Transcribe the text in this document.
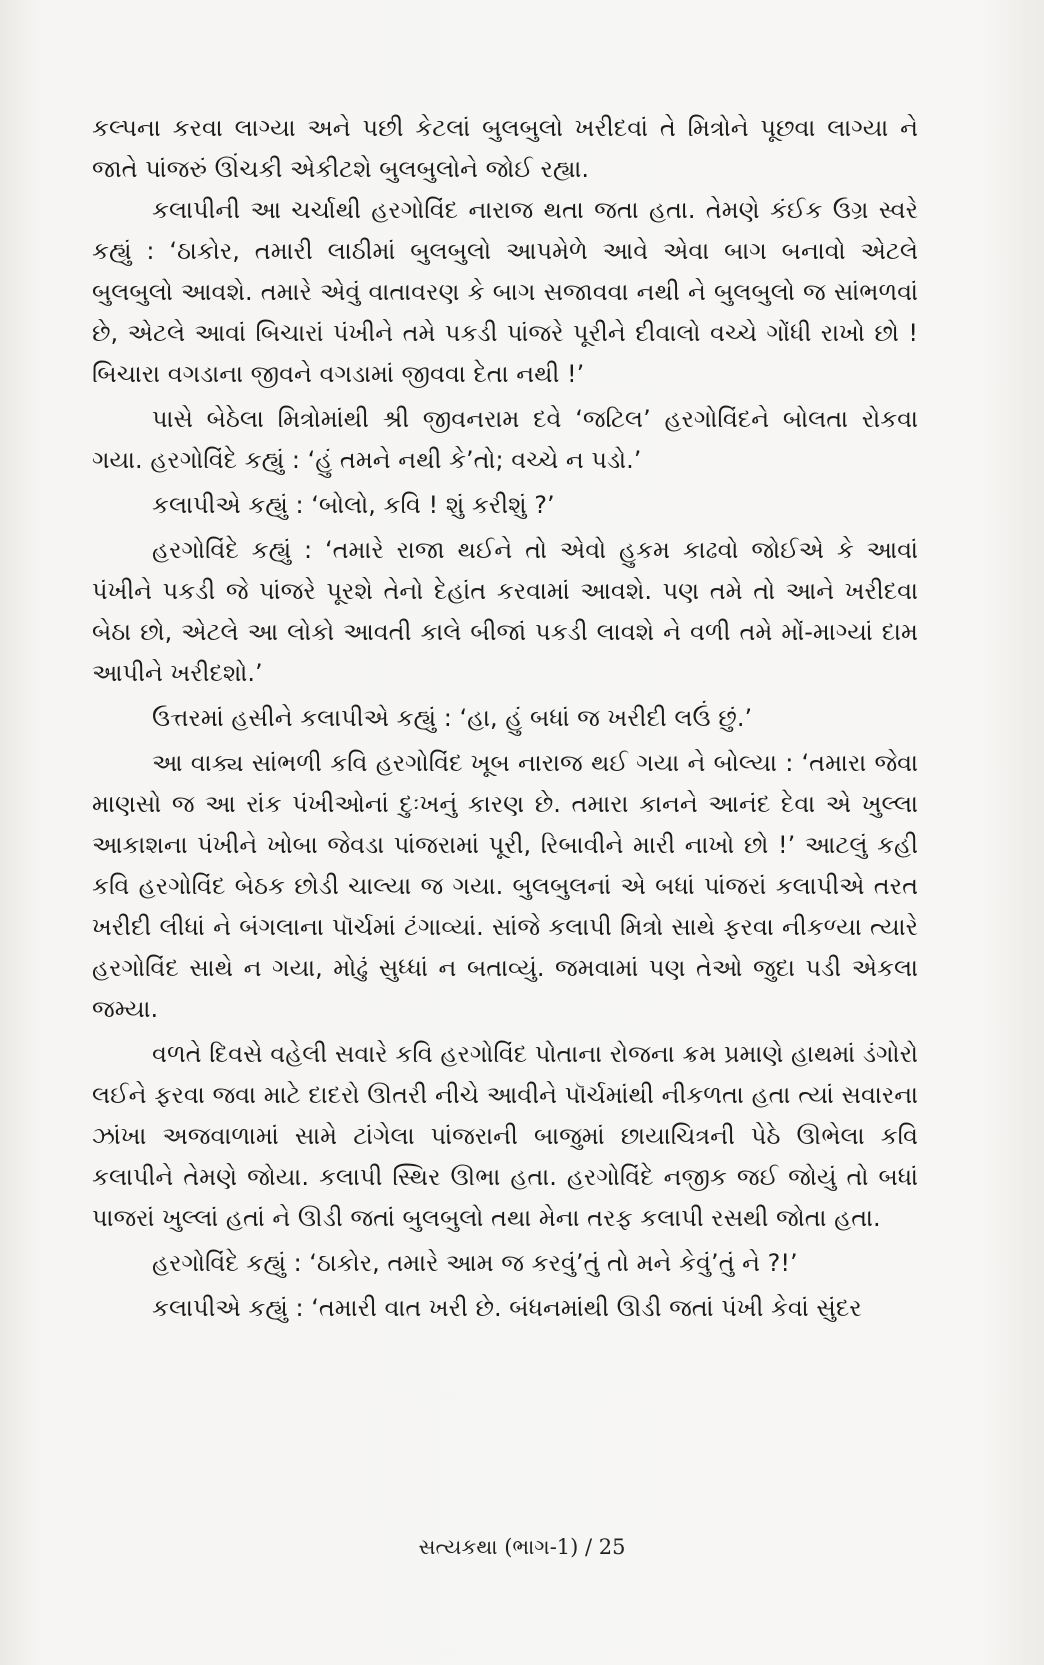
કલ્પના કરવા લાગ્યા અને પછી કેટલાં બુલબુલો ખરીદવાં તે મિત્રોને પૂછવા લાગ્યા ને જાતે પાંજરું ઊંચકી એકીટશે બુલબુલોને જોઈ રહ્યા.

કલાપીની આ ચર્ચાથી હરગોવિંદ નારાજ થતા જતા હતા. તેમણે કંઈક ઉગ્ર સ્વરે કહ્યું : ‘ઠાકોર, તમારી લાઠીમાં બુલબુલો આપમેળે આવે એવા બાગ બનાવો એટલે બુલબુલો આવશે. તમારે એવું વાતાવરણ કે બાગ સજાવવા નથી ને બુલબુલો જ સાંભળવાં છે, એટલે આવાં બિચારાં પંખીને તમે પકડી પાંજરે પૂરીને દીવાલો વચ્ચે ગોંધી રાખો છો ! બિચારા વગડાના જીવને વગડામાં જીવવા દેતા નથી !’

પાસે બેઠેલા મિત્રોમાંથી શ્રી જીવનરામ દવે ‘જટિલ’ હરગોવિંદને બોલતા રોકવા ગયા. હરગોવિંદે કહ્યું : ‘હું તમને નથી કે’તો; વચ્ચે ન પડો.’

કલાપીએ કહ્યું : ‘બોલો, કવિ ! શું કરીશું ?’

હરગોવિંદે કહ્યું : ‘તમારે રાજા થઈને તો એવો હુકમ કાઢવો જોઈએ કે આવાં પંખીને પકડી જે પાંજરે પૂરશે તેનો દેહાંત કરવામાં આવશે. પણ તમે તો આને ખરીદવા બેઠા છો, એટલે આ લોકો આવતી કાલે બીજાં પકડી લાવશે ને વળી તમે મોં-માગ્યાં દામ આપીને ખરીદશો.’

ઉત્તરમાં હસીને કલાપીએ કહ્યું : ‘હા, હું બધાં જ ખરીદી લઉં છું.’

આ વાક્ય સાંભળી કવિ હરગોવિંદ ખૂબ નારાજ થઈ ગયા ને બોલ્યા : ‘તમારા જેવા માણસો જ આ રાંક પંખીઓનાં દુઃખનું કારણ છે. તમારા કાનને આનંદ દેવા એ ખુલ્લા આકાશના પંખીને ખોબા જેવડા પાંજરામાં પૂરી, રિબાવીને મારી નાખો છો !’ આટલું કહી કવિ હરગોવિંદ બેઠક છોડી ચાલ્યા જ ગયા. બુલબુલનાં એ બધાં પાંજરાં કલાપીએ તરત ખરીદી લીધાં ને બંગલાના પૉર્ચમાં ટંગાવ્યાં. સાંજે કલાપી મિત્રો સાથે ફરવા નીકળ્યા ત્યારે હરગોવિંદ સાથે ન ગયા, મોઢું સુધ્ધાં ન બતાવ્યું. જમવામાં પણ તેઓ જુદા પડી એકલા જમ્યા.

વળતે દિવસે વહેલી સવારે કવિ હરગોવિંદ પોતાના રોજના ક્રમ પ્રમાણે હાથમાં ડંગોરો લઈને ફરવા જવા માટે દાદરો ઊતરી નીચે આવીને પૉર્ચમાંથી નીકળતા હતા ત્યાં સવારના ઝાંખા અજવાળામાં સામે ટાંગેલા પાંજરાની બાજુમાં છાયાચિત્રની પેઠે ઊભેલા કવિ કલાપીને તેમણે જોયા. કલાપી સ્થિર ઊભા હતા. હરગોવિંદે નજીક જઈ જોયું તો બધાં પાજરાં ખુલ્લાં હતાં ને ઊડી જતાં બુલબુલો તથા મેના તરફ કલાપી રસથી જોતા હતા.

હરગોવિંદે કહ્યું : ‘ઠાકોર, તમારે આમ જ કરવું’તું તો મને કેવું’તું ને ?!’

કલાપીએ કહ્યું : ‘તમારી વાત ખરી છે. બંધનમાંથી ઊડી જતાં પંખી કેવાં સુંદર

સત્યકથા (ભાગ-1) / 25
